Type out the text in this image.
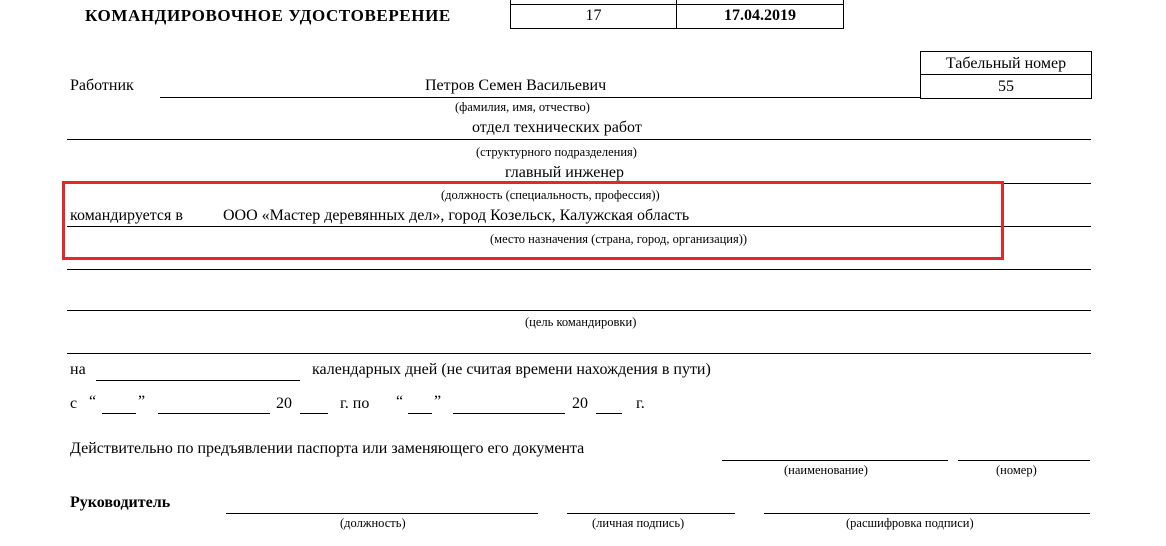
КОМАНДИРОВОЧНОЕ УДОСТОВЕРЕНИЕ	17	17.04.2019
Табельный номер
55
Работник	Петров Семен Васильевич
(фамилия, имя, отчество)
отдел технических работ
(структурного подразделения)
главный инженер
(должность (специальность, профессия))
командируется в	ООО «Мастер деревянных дел», город Козельск, Калужская область
(место назначения (страна, город, организация))
(цель командировки)
на	календарных дней (не считая времени нахождения в пути)
с “	”	20	г. по “ ”	20	г.
Действительно по предъявлении паспорта или заменяющего его документа
(наименование)	(номер)
Руководитель
(должность)	(личная подпись)	(расшифровка подписи)
